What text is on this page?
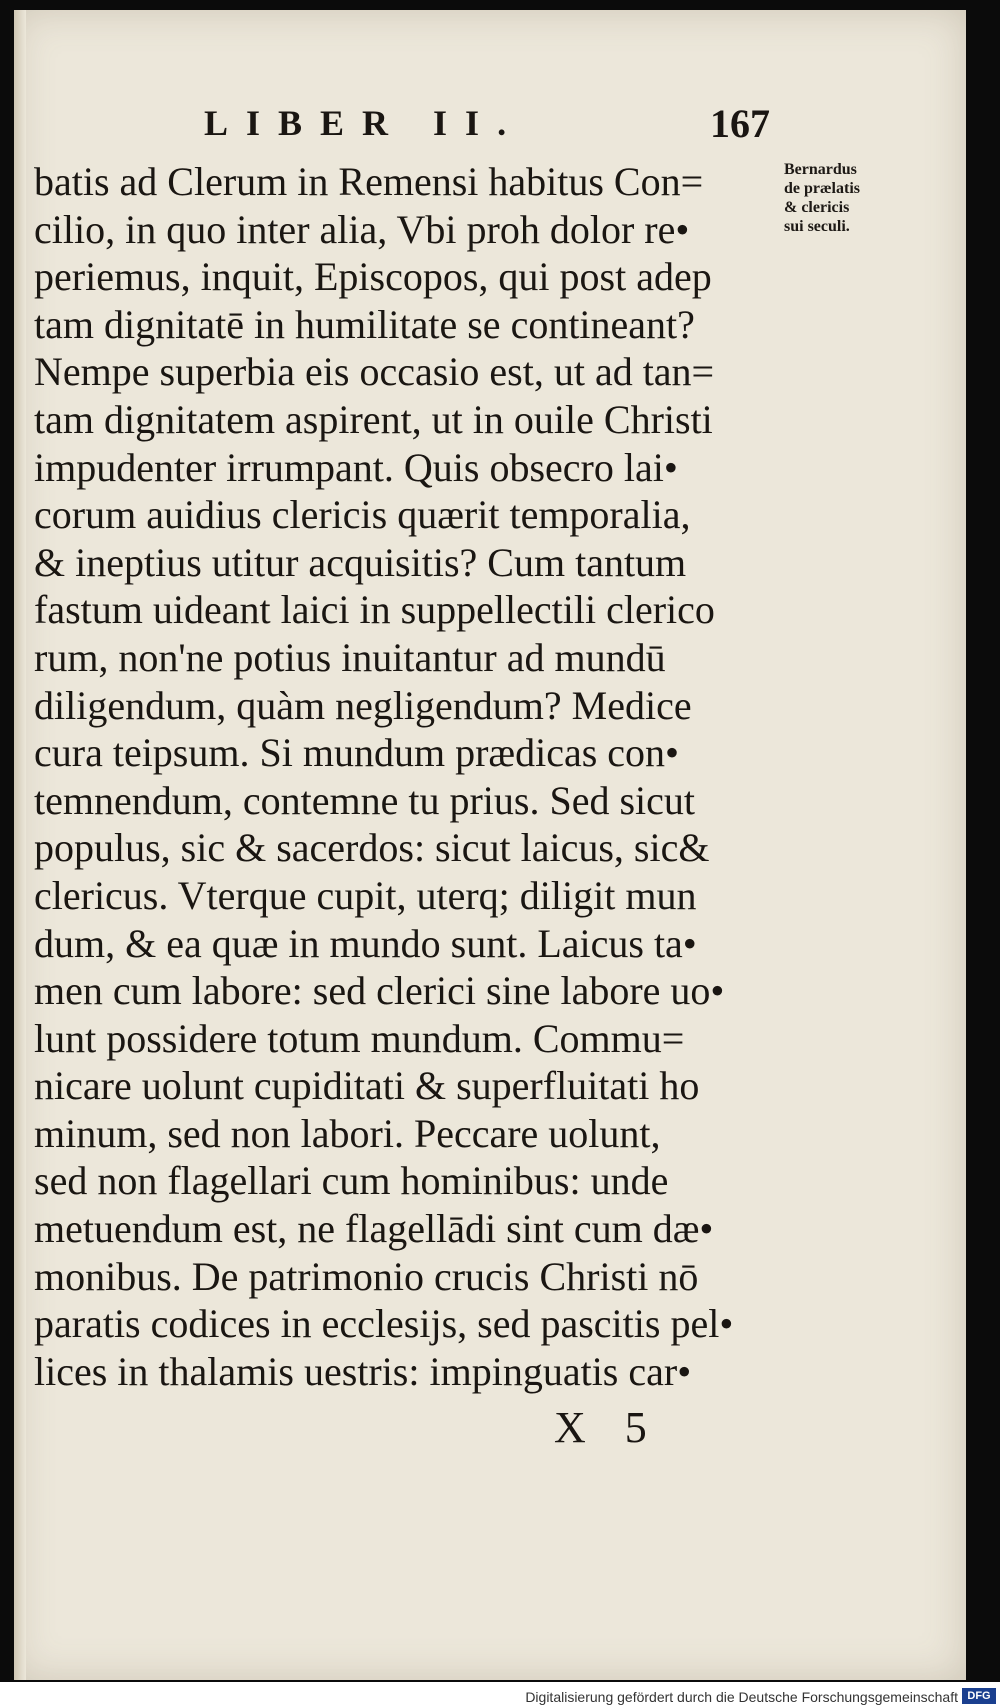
LIBER II.	167
Bernardus
de prælatis
& clericis
sui seculi.
batis ad Clerum in Remensi habitus Con=
cilio, in quo inter alia, Vbi proh dolor re•
periemus, inquit, Episcopos, qui post adep
tam dignitatē in humilitate se contineant?
Nempe superbia eis occasio est, ut ad tan=
tam dignitatem aspirent, ut in ouile Christi
impudenter irrumpant. Quis obsecro lai•
corum auidius clericis quærit temporalia,
& ineptius utitur acquisitis? Cum tantum
fastum uideant laici in suppellectili clerico
rum, non'ne potius inuitantur ad mundū
diligendum, quàm negligendum? Medice
cura teipsum. Si mundum prædicas con•
temnendum, contemne tu prius. Sed sicut
populus, sic & sacerdos: sicut laicus, sic&
clericus. Vterque cupit, uterq; diligit mun
dum, & ea quæ in mundo sunt. Laicus ta•
men cum labore: sed clerici sine labore uo•
lunt possidere totum mundum. Commu=
nicare uolunt cupiditati & superfluitati ho
minum, sed non labori. Peccare uolunt,
sed non flagellari cum hominibus: unde
metuendum est, ne flagellādi sint cum dæ•
monibus. De patrimonio crucis Christi nō
paratis codices in ecclesijs, sed pascitis pel•
lices in thalamis uestris: impinguatis car•
X 5
Digitalisierung gefördert durch die Deutsche Forschungsgemeinschaft DFG
